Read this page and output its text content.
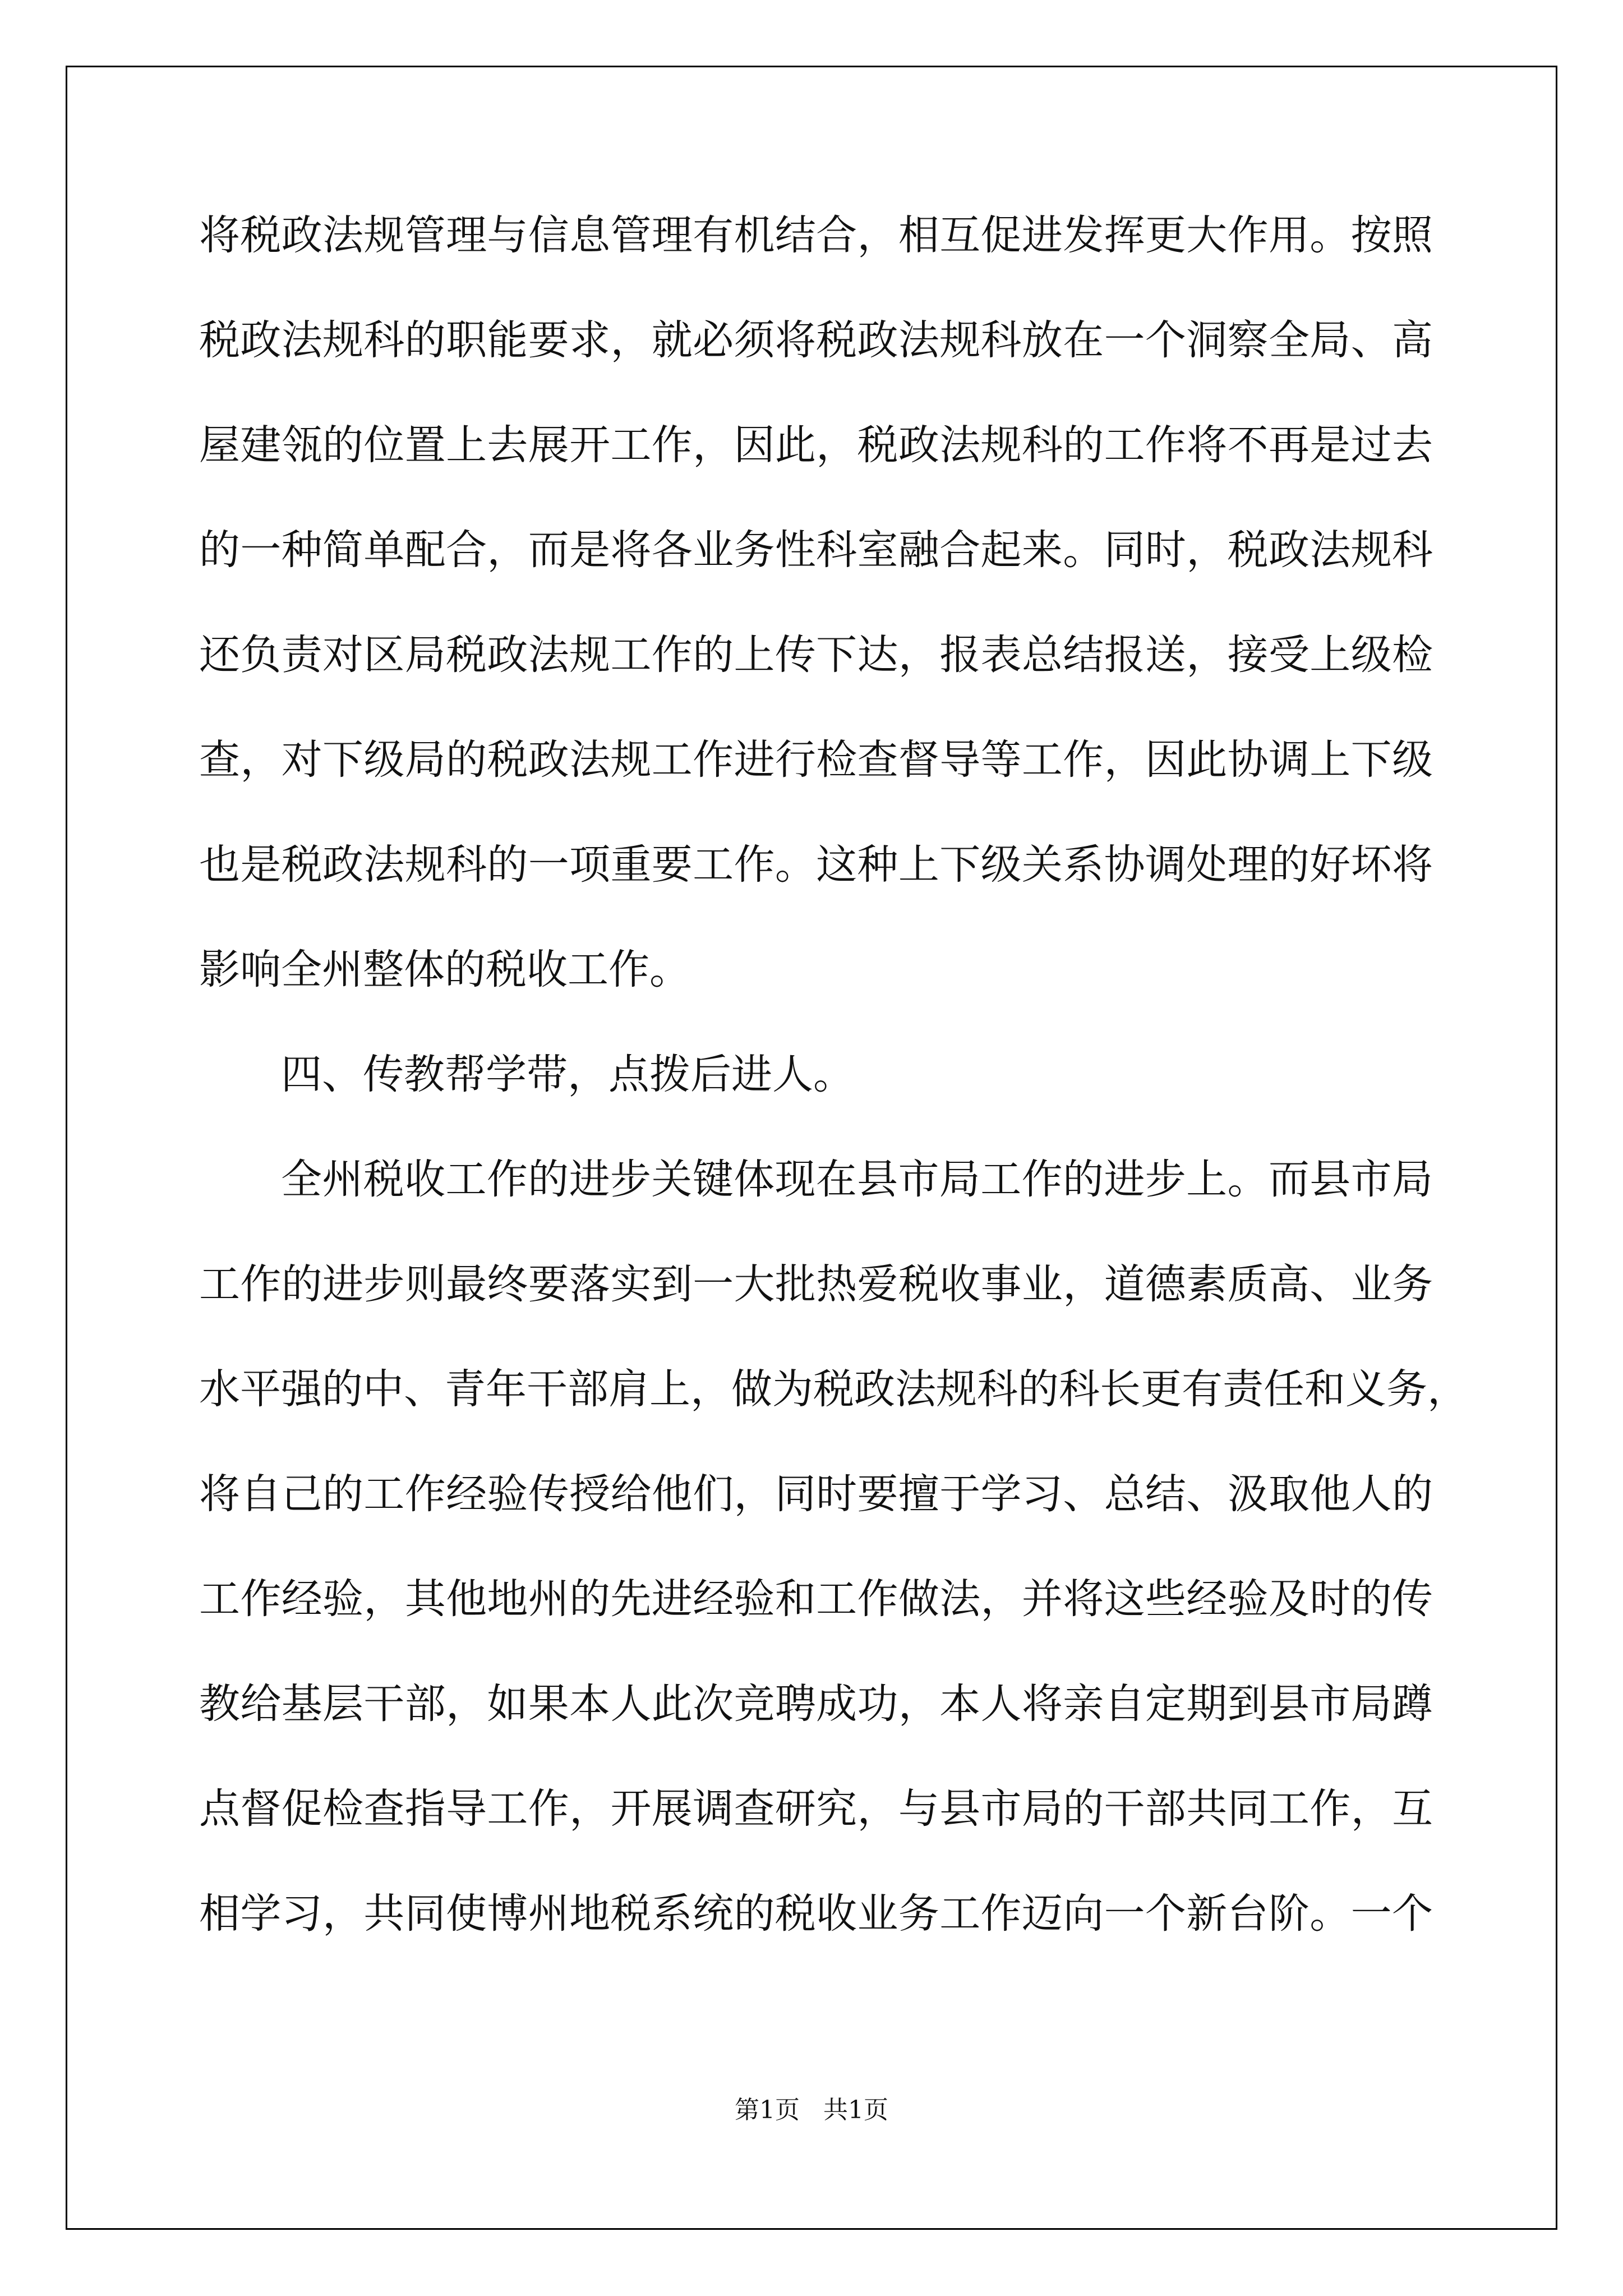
将税政法规管理与信息管理有机结合，相互促进发挥更大作用。按照
税政法规科的职能要求，就必须将税政法规科放在一个洞察全局、高
屋建瓴的位置上去展开工作，因此，税政法规科的工作将不再是过去
的一种简单配合，而是将各业务性科室融合起来。同时，税政法规科
还负责对区局税政法规工作的上传下达，报表总结报送，接受上级检
查，对下级局的税政法规工作进行检查督导等工作，因此协调上下级
也是税政法规科的一项重要工作。这种上下级关系协调处理的好坏将
影响全州整体的税收工作。
四、传教帮学带，点拨后进人。
全州税收工作的进步关键体现在县市局工作的进步上。而县市局
工作的进步则最终要落实到一大批热爱税收事业，道德素质高、业务
水平强的中、青年干部肩上，做为税政法规科的科长更有责任和义务，
将自己的工作经验传授给他们，同时要擅于学习、总结、汲取他人的
工作经验，其他地州的先进经验和工作做法，并将这些经验及时的传
教给基层干部，如果本人此次竞聘成功，本人将亲自定期到县市局蹲
点督促检查指导工作，开展调查研究，与县市局的干部共同工作，互
相学习，共同使博州地税系统的税收业务工作迈向一个新台阶。一个
第1页   共1页
